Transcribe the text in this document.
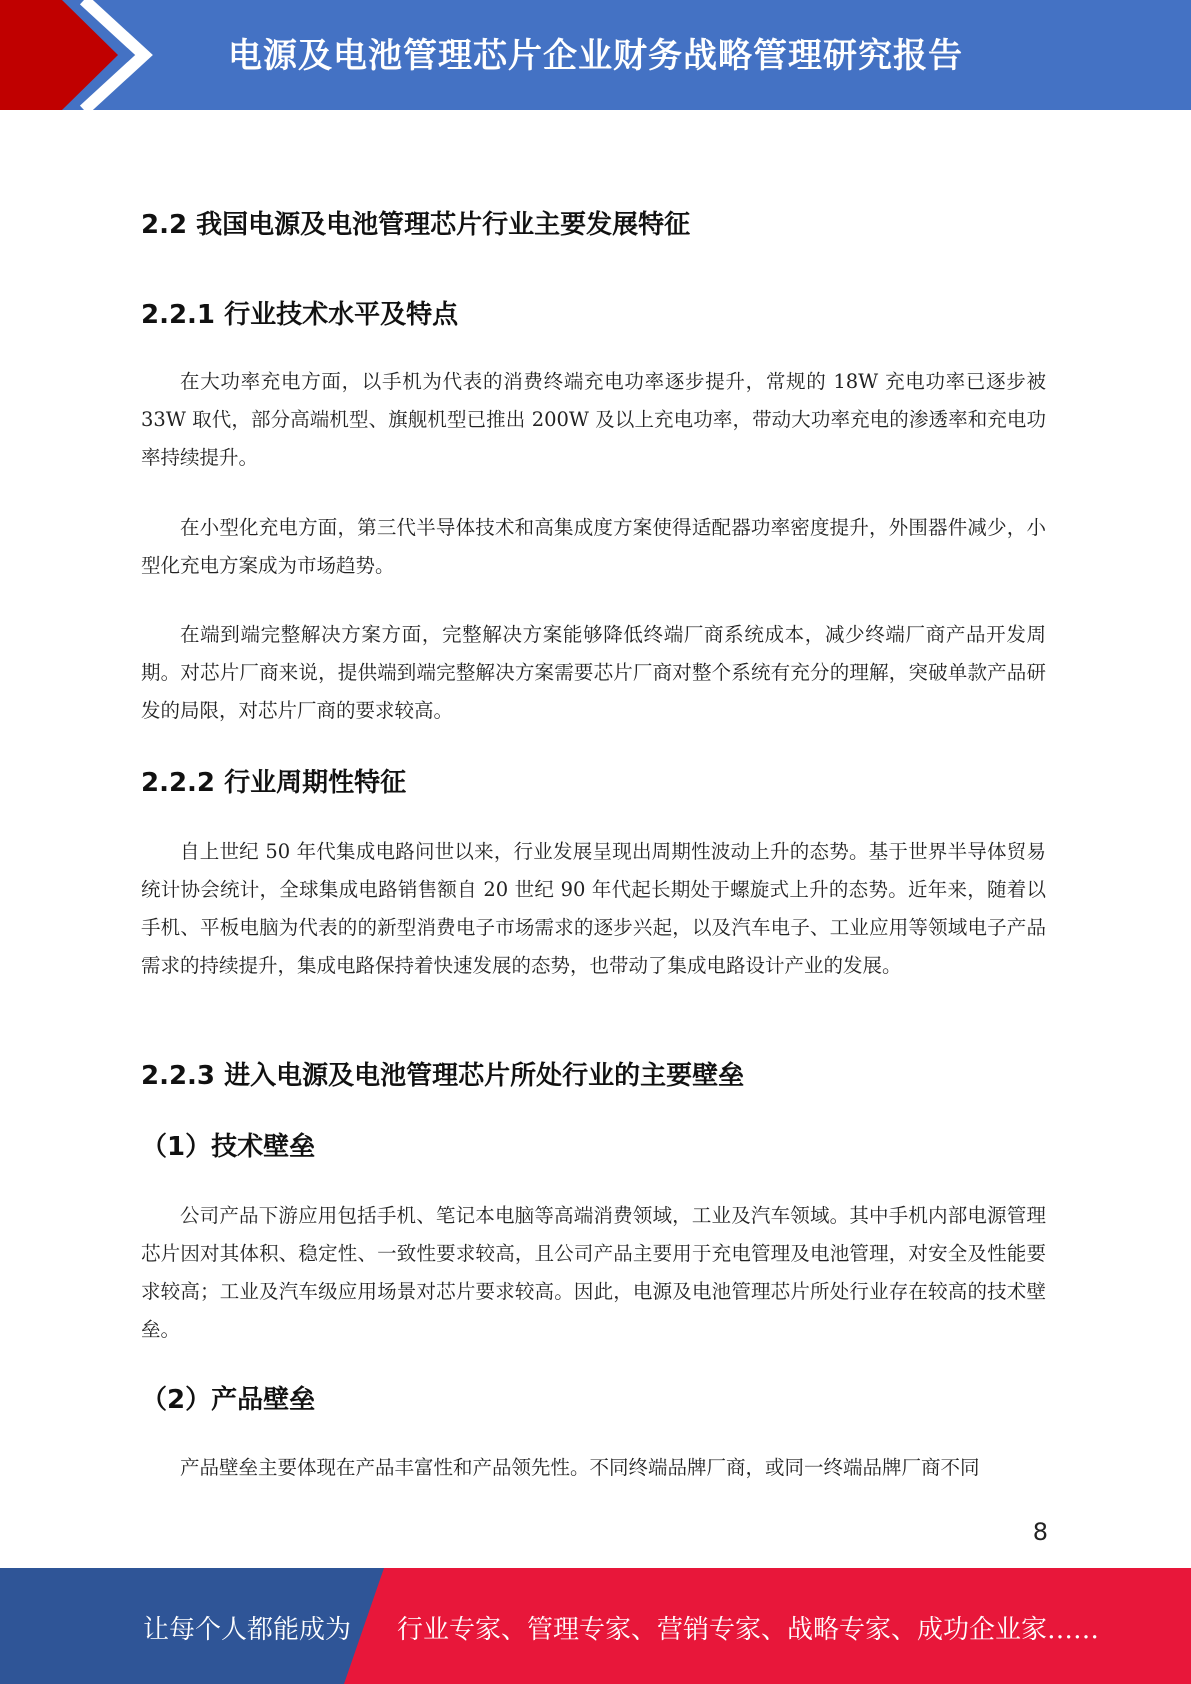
电源及电池管理芯片企业财务战略管理研究报告
2.2 我国电源及电池管理芯片行业主要发展特征
2.2.1 行业技术水平及特点

在大功率充电方面，以手机为代表的消费终端充电功率逐步提升，常规的 18W 充电功率已逐步被 33W 取代，部分高端机型、旗舰机型已推出 200W 及以上充电功率，带动大功率充电的渗透率和充电功率持续提升。

在小型化充电方面，第三代半导体技术和高集成度方案使得适配器功率密度提升，外围器件减少，小型化充电方案成为市场趋势。

在端到端完整解决方案方面，完整解决方案能够降低终端厂商系统成本，减少终端厂商产品开发周期。对芯片厂商来说，提供端到端完整解决方案需要芯片厂商对整个系统有充分的理解，突破单款产品研发的局限，对芯片厂商的要求较高。

2.2.2 行业周期性特征

自上世纪 50 年代集成电路问世以来，行业发展呈现出周期性波动上升的态势。基于世界半导体贸易统计协会统计，全球集成电路销售额自 20 世纪 90 年代起长期处于螺旋式上升的态势。近年来，随着以手机、平板电脑为代表的的新型消费电子市场需求的逐步兴起，以及汽车电子、工业应用等领域电子产品需求的持续提升，集成电路保持着快速发展的态势，也带动了集成电路设计产业的发展。

2.2.3 进入电源及电池管理芯片所处行业的主要壁垒
（1）技术壁垒

公司产品下游应用包括手机、笔记本电脑等高端消费领域，工业及汽车领域。其中手机内部电源管理芯片因对其体积、稳定性、一致性要求较高，且公司产品主要用于充电管理及电池管理，对安全及性能要求较高；工业及汽车级应用场景对芯片要求较高。因此，电源及电池管理芯片所处行业存在较高的技术壁垒。

（2）产品壁垒

产品壁垒主要体现在产品丰富性和产品领先性。不同终端品牌厂商，或同一终端品牌厂商不同

8
让每个人都能成为 行业专家、管理专家、营销专家、战略专家、成功企业家……
